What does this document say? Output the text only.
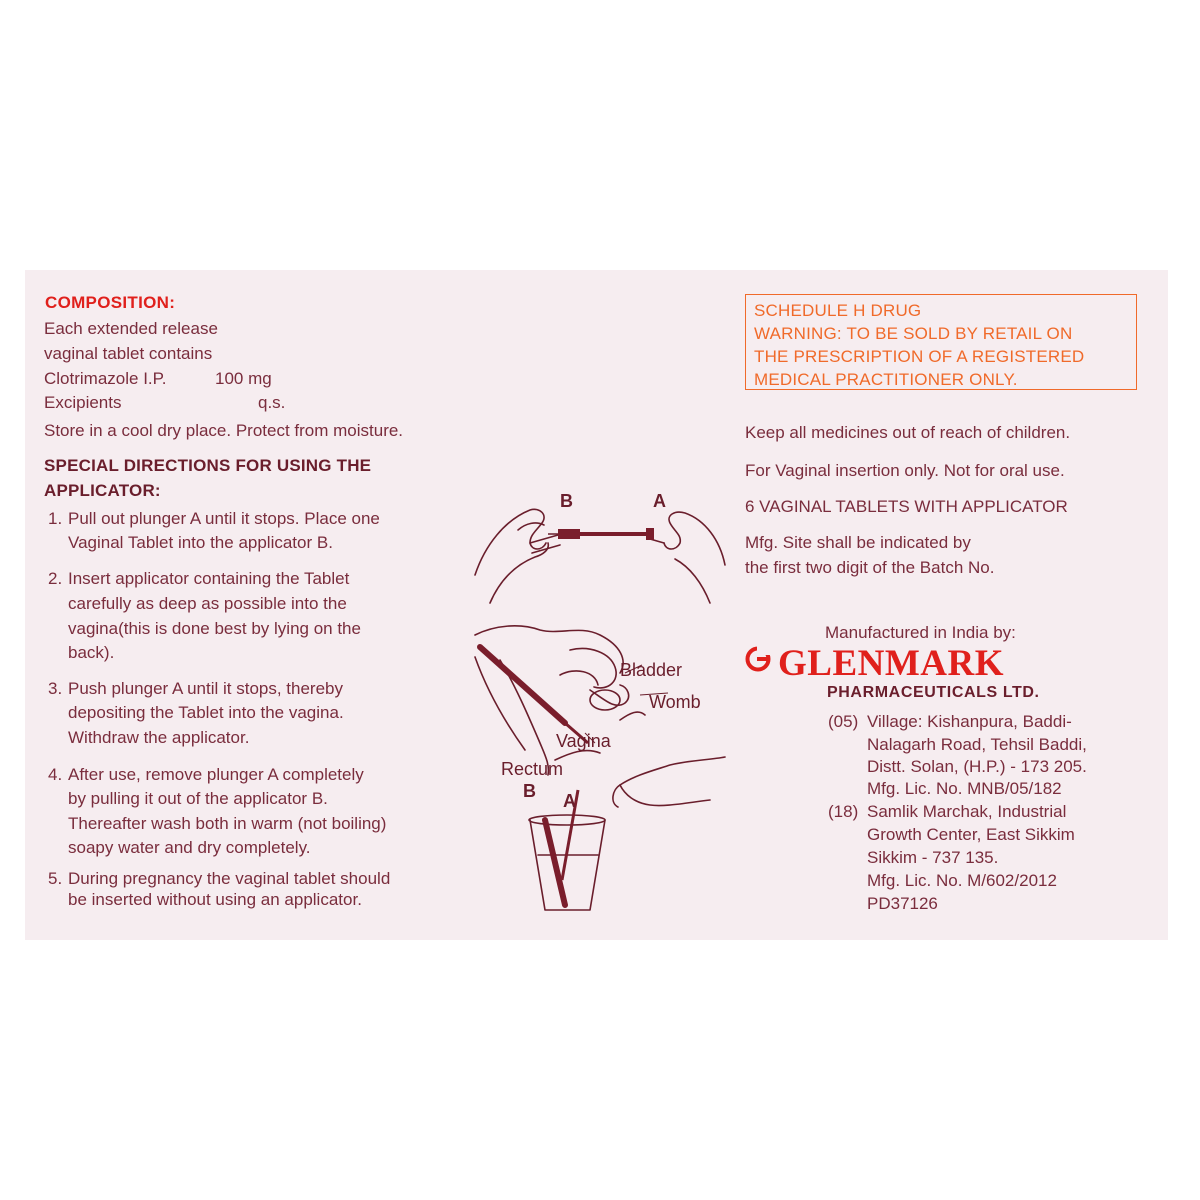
COMPOSITION:
Each extended release
vaginal tablet contains
Clotrimazole I.P.	100 mg
Excipients	q.s.
Store in a cool dry place. Protect from moisture.
SPECIAL DIRECTIONS FOR USING THE
APPLICATOR:
1. Pull out plunger A until it stops. Place one
Vaginal Tablet into the applicator B.
2. Insert applicator containing the Tablet
carefully as deep as possible into the
vagina(this is done best by lying on the
back).
3. Push plunger A until it stops, thereby
depositing the Tablet into the vagina.
Withdraw the applicator.
4. After use, remove plunger A completely
by pulling it out of the applicator B.
Thereafter wash both in warm (not boiling)
soapy water and dry completely.
5. During pregnancy the vaginal tablet should
be inserted without using an applicator.
B	A
Bladder
Womb
Vagina
Rectum
B A
SCHEDULE H DRUG
WARNING: TO BE SOLD BY RETAIL ON
THE PRESCRIPTION OF A REGISTERED
MEDICAL PRACTITIONER ONLY.
Keep all medicines out of reach of children.
For Vaginal insertion only. Not for oral use.
6 VAGINAL TABLETS WITH APPLICATOR
Mfg. Site shall be indicated by
the first two digit of the Batch No.
Manufactured in India by:
GLENMARK
PHARMACEUTICALS LTD.
(05) Village: Kishanpura, Baddi-
Nalagarh Road, Tehsil Baddi,
Distt. Solan, (H.P.) - 173 205.
Mfg. Lic. No. MNB/05/182
(18) Samlik Marchak, Industrial
Growth Center, East Sikkim
Sikkim - 737 135.
Mfg. Lic. No. M/602/2012
PD37126
